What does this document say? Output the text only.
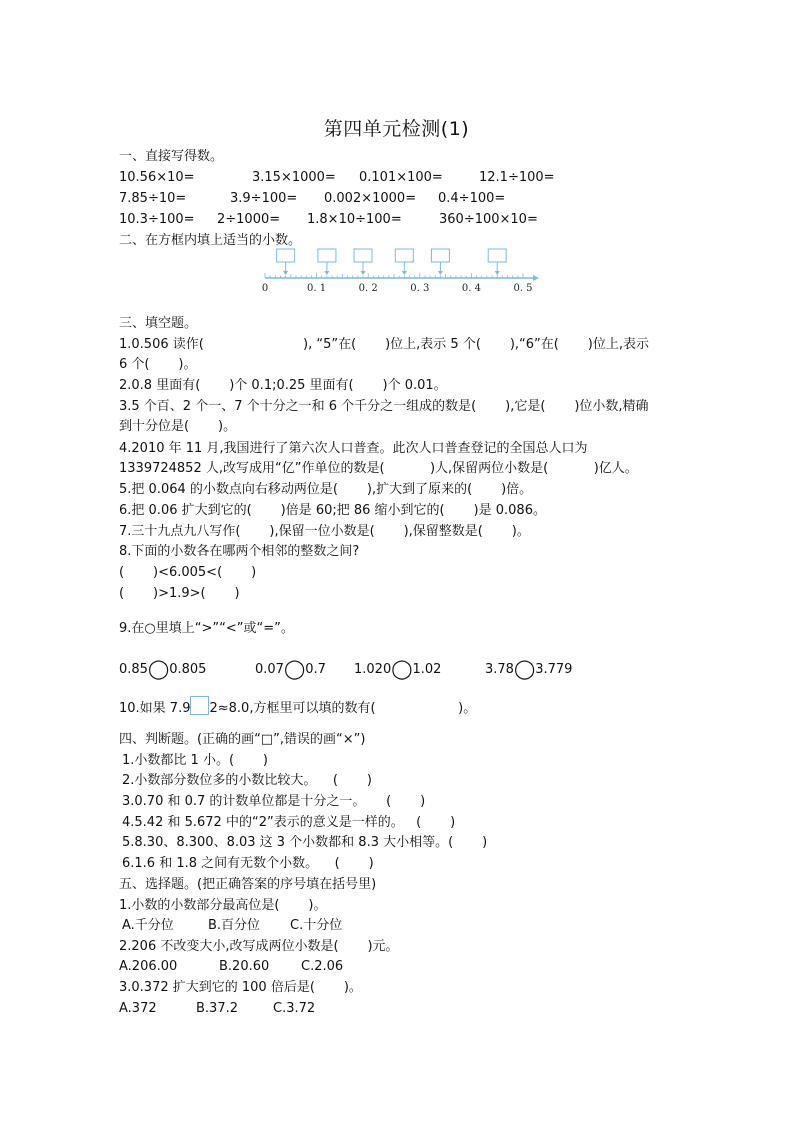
第四单元检测(1)
一、直接写得数。
10.56×10=	3.15×1000= 0.101×100=	12.1÷100=
7.85÷10=	3.9÷100= 0.002×1000= 0.4÷100=
10.3÷100= 2÷1000= 1.8×10÷100=	360÷100×10=
二、在方框内填上适当的小数。
0	0. 1	0. 2	0. 3	0. 4	0. 5
三、填空题。
1.0.506 读作(                        ), “5”在(       )位上,表示 5 个(       ),“6”在(       )位上,表示
6 个(       )。
2.0.8 里面有(       )个 0.1;0.25 里面有(       )个 0.01。
3.5 个百、2 个一、7 个十分之一和 6 个千分之一组成的数是(       ),它是(       )位小数,精确
到十分位是(       )。
4.2010 年 11 月,我国进行了第六次人口普查。此次人口普查登记的全国总人口为
1339724852 人,改写成用“亿”作单位的数是(           )人,保留两位小数是(           )亿人。
5.把 0.064 的小数点向右移动两位是(       ),扩大到了原来的(       )倍。
6.把 0.06 扩大到它的(       )倍是 60;把 86 缩小到它的(       )是 0.086。
7.三十九点九八写作(       ),保留一位小数是(       ),保留整数是(       )。
8.下面的小数各在哪两个相邻的整数之间?
(       )<6.005<(       )
(       )>1.9>(       )
9.在○里填上“>”“<”或“=”。
0.85◯0.805	0.07◯0.7 1.020◯1.02	3.78◯3.779
10.如果 7.9 2≈8.0,方框里可以填的数有(                    )。
四、判断题。(正确的画“□”,错误的画“×”)
1.小数都比 1 小。(       )
2.小数部分数位多的小数比较大。    (       )
3.0.70 和 0.7 的计数单位都是十分之一。     (       )
4.5.42 和 5.672 中的“2”表示的意义是一样的。   (       )
5.8.30、8.300、8.03 这 3 个小数都和 8.3 大小相等。(       )
6.1.6 和 1.8 之间有无数个小数。    (       )
五、选择题。(把正确答案的序号填在括号里)
1.小数的小数部分最高位是(       )。
A.千分位	B.百分位 C.十分位
2.206 不改变大小,改写成两位小数是(       )元。
A.206.00	B.20.60 C.2.06
3.0.372 扩大到它的 100 倍后是(       )。
A.372	B.37.2	C.3.72
